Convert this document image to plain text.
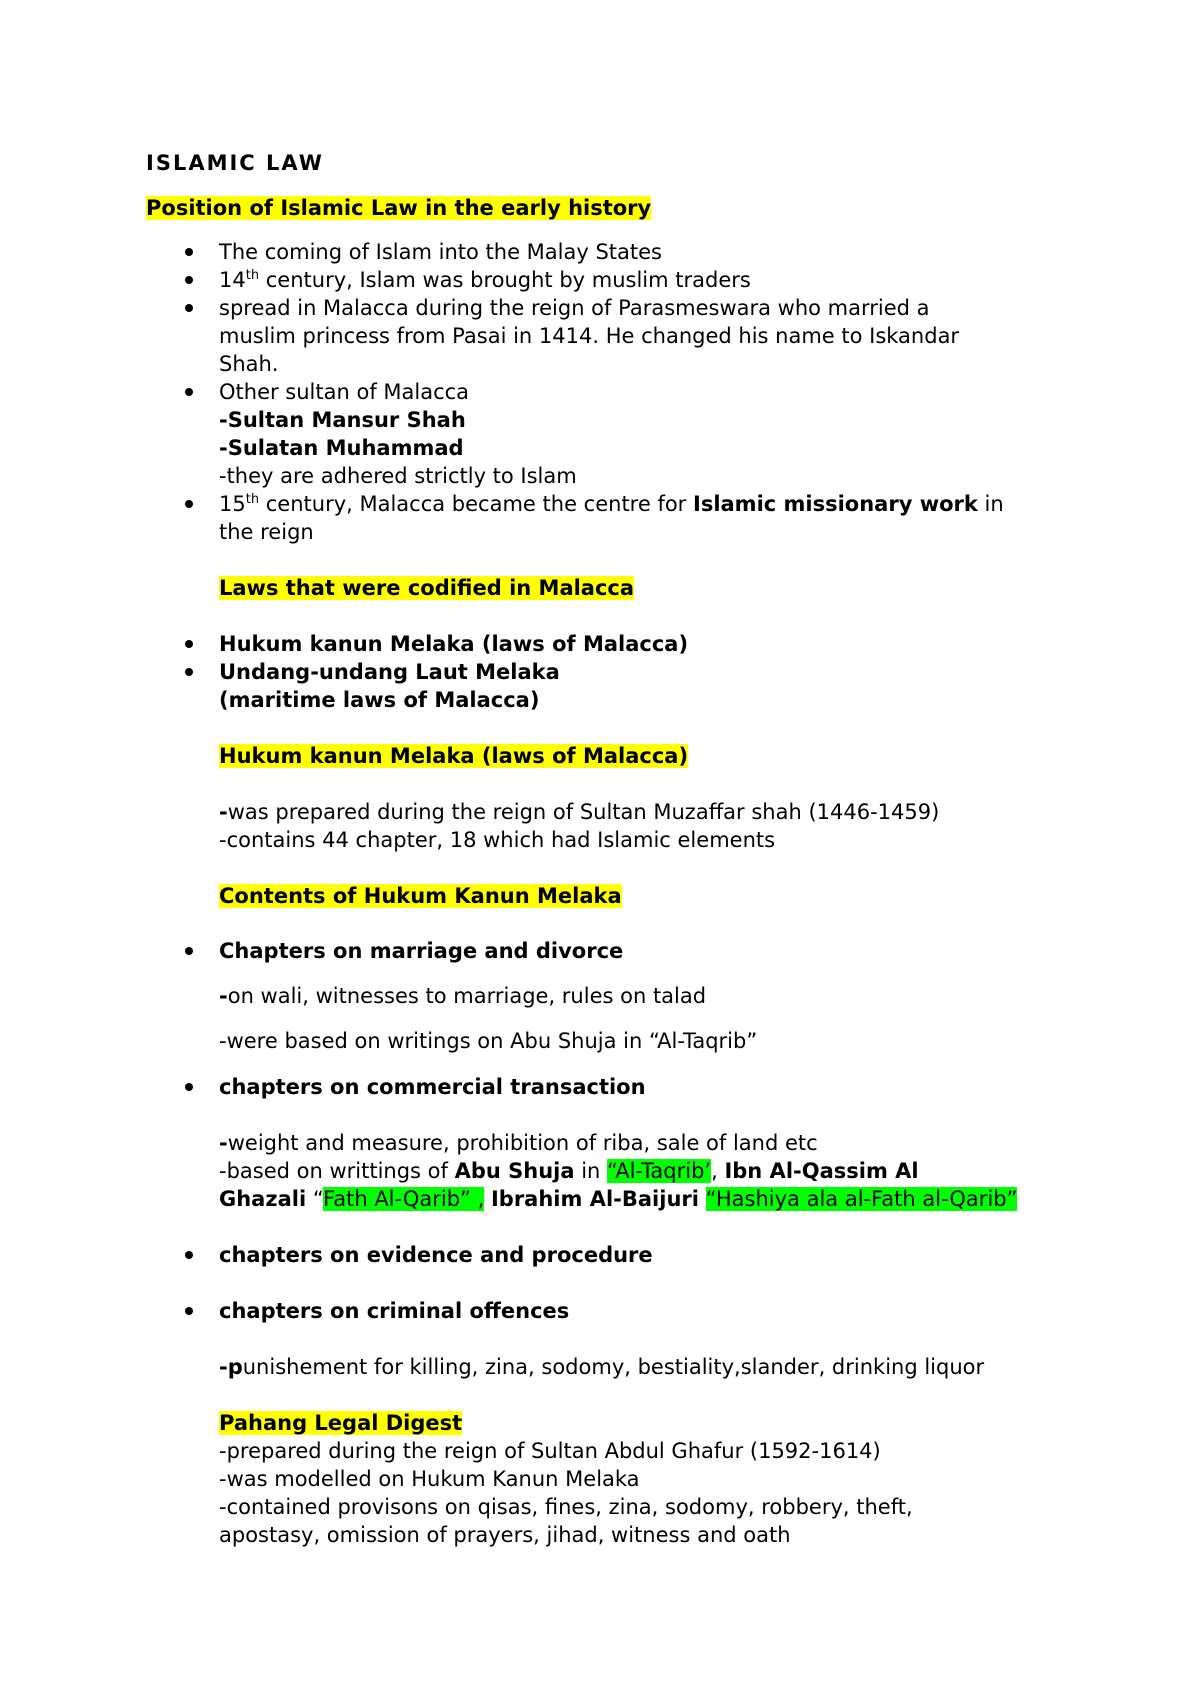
ISLAMIC LAW
Position of Islamic Law in the early history
The coming of Islam into the Malay States
14th century, Islam was brought by muslim traders
spread in Malacca during the reign of Parasmeswara who married a
muslim princess from Pasai in 1414. He changed his name to Iskandar
Shah.
Other sultan of Malacca
-Sultan Mansur Shah
-Sulatan Muhammad
-they are adhered strictly to Islam
15th century, Malacca became the centre for Islamic missionary work in
the reign
Laws that were codified in Malacca
Hukum kanun Melaka (laws of Malacca)
Undang-undang Laut Melaka
(maritime laws of Malacca)
Hukum kanun Melaka (laws of Malacca)
-was prepared during the reign of Sultan Muzaffar shah (1446-1459)
-contains 44 chapter, 18 which had Islamic elements
Contents of Hukum Kanun Melaka
Chapters on marriage and divorce
-on wali, witnesses to marriage, rules on talad
-were based on writings on Abu Shuja in “Al-Taqrib”
chapters on commercial transaction
-weight and measure, prohibition of riba, sale of land etc
-based on writtings of Abu Shuja in “Al-Taqrib’, Ibn Al-Qassim Al
Ghazali “Fath Al-Qarib” , Ibrahim Al-Baijuri “Hashiya ala al-Fath al-Qarib”
chapters on evidence and procedure
chapters on criminal offences
-punishement for killing, zina, sodomy, bestiality,slander, drinking liquor
Pahang Legal Digest
-prepared during the reign of Sultan Abdul Ghafur (1592-1614)
-was modelled on Hukum Kanun Melaka
-contained provisons on qisas, fines, zina, sodomy, robbery, theft,
apostasy, omission of prayers, jihad, witness and oath
